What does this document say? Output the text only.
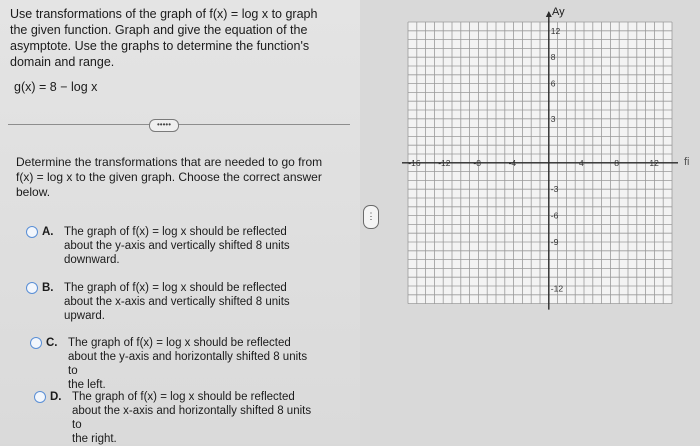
Use transformations of the graph of f(x) = log x to graph
the given function. Graph and give the equation of the
asymptote. Use the graphs to determine the function's
domain and range.
g(x) = 8 − log x
•••••
Determine the transformations that are needed to go from
f(x) = log x to the given graph. Choose the correct answer
below.
A. The graph of f(x) = log x should be reflected
about the y-axis and vertically shifted 8 units
downward.
B. The graph of f(x) = log x should be reflected
about the x-axis and vertically shifted 8 units
upward.
C. The graph of f(x) = log x should be reflected
about the y-axis and horizontally shifted 8 units to
the left.
D. The graph of f(x) = log x should be reflected
about the x-axis and horizontally shifted 8 units to
the right.
⋮
-16 -12	-8	-4	4	8	12
12
8
6
3
-3
-6
-9
-12
Ay
fi
